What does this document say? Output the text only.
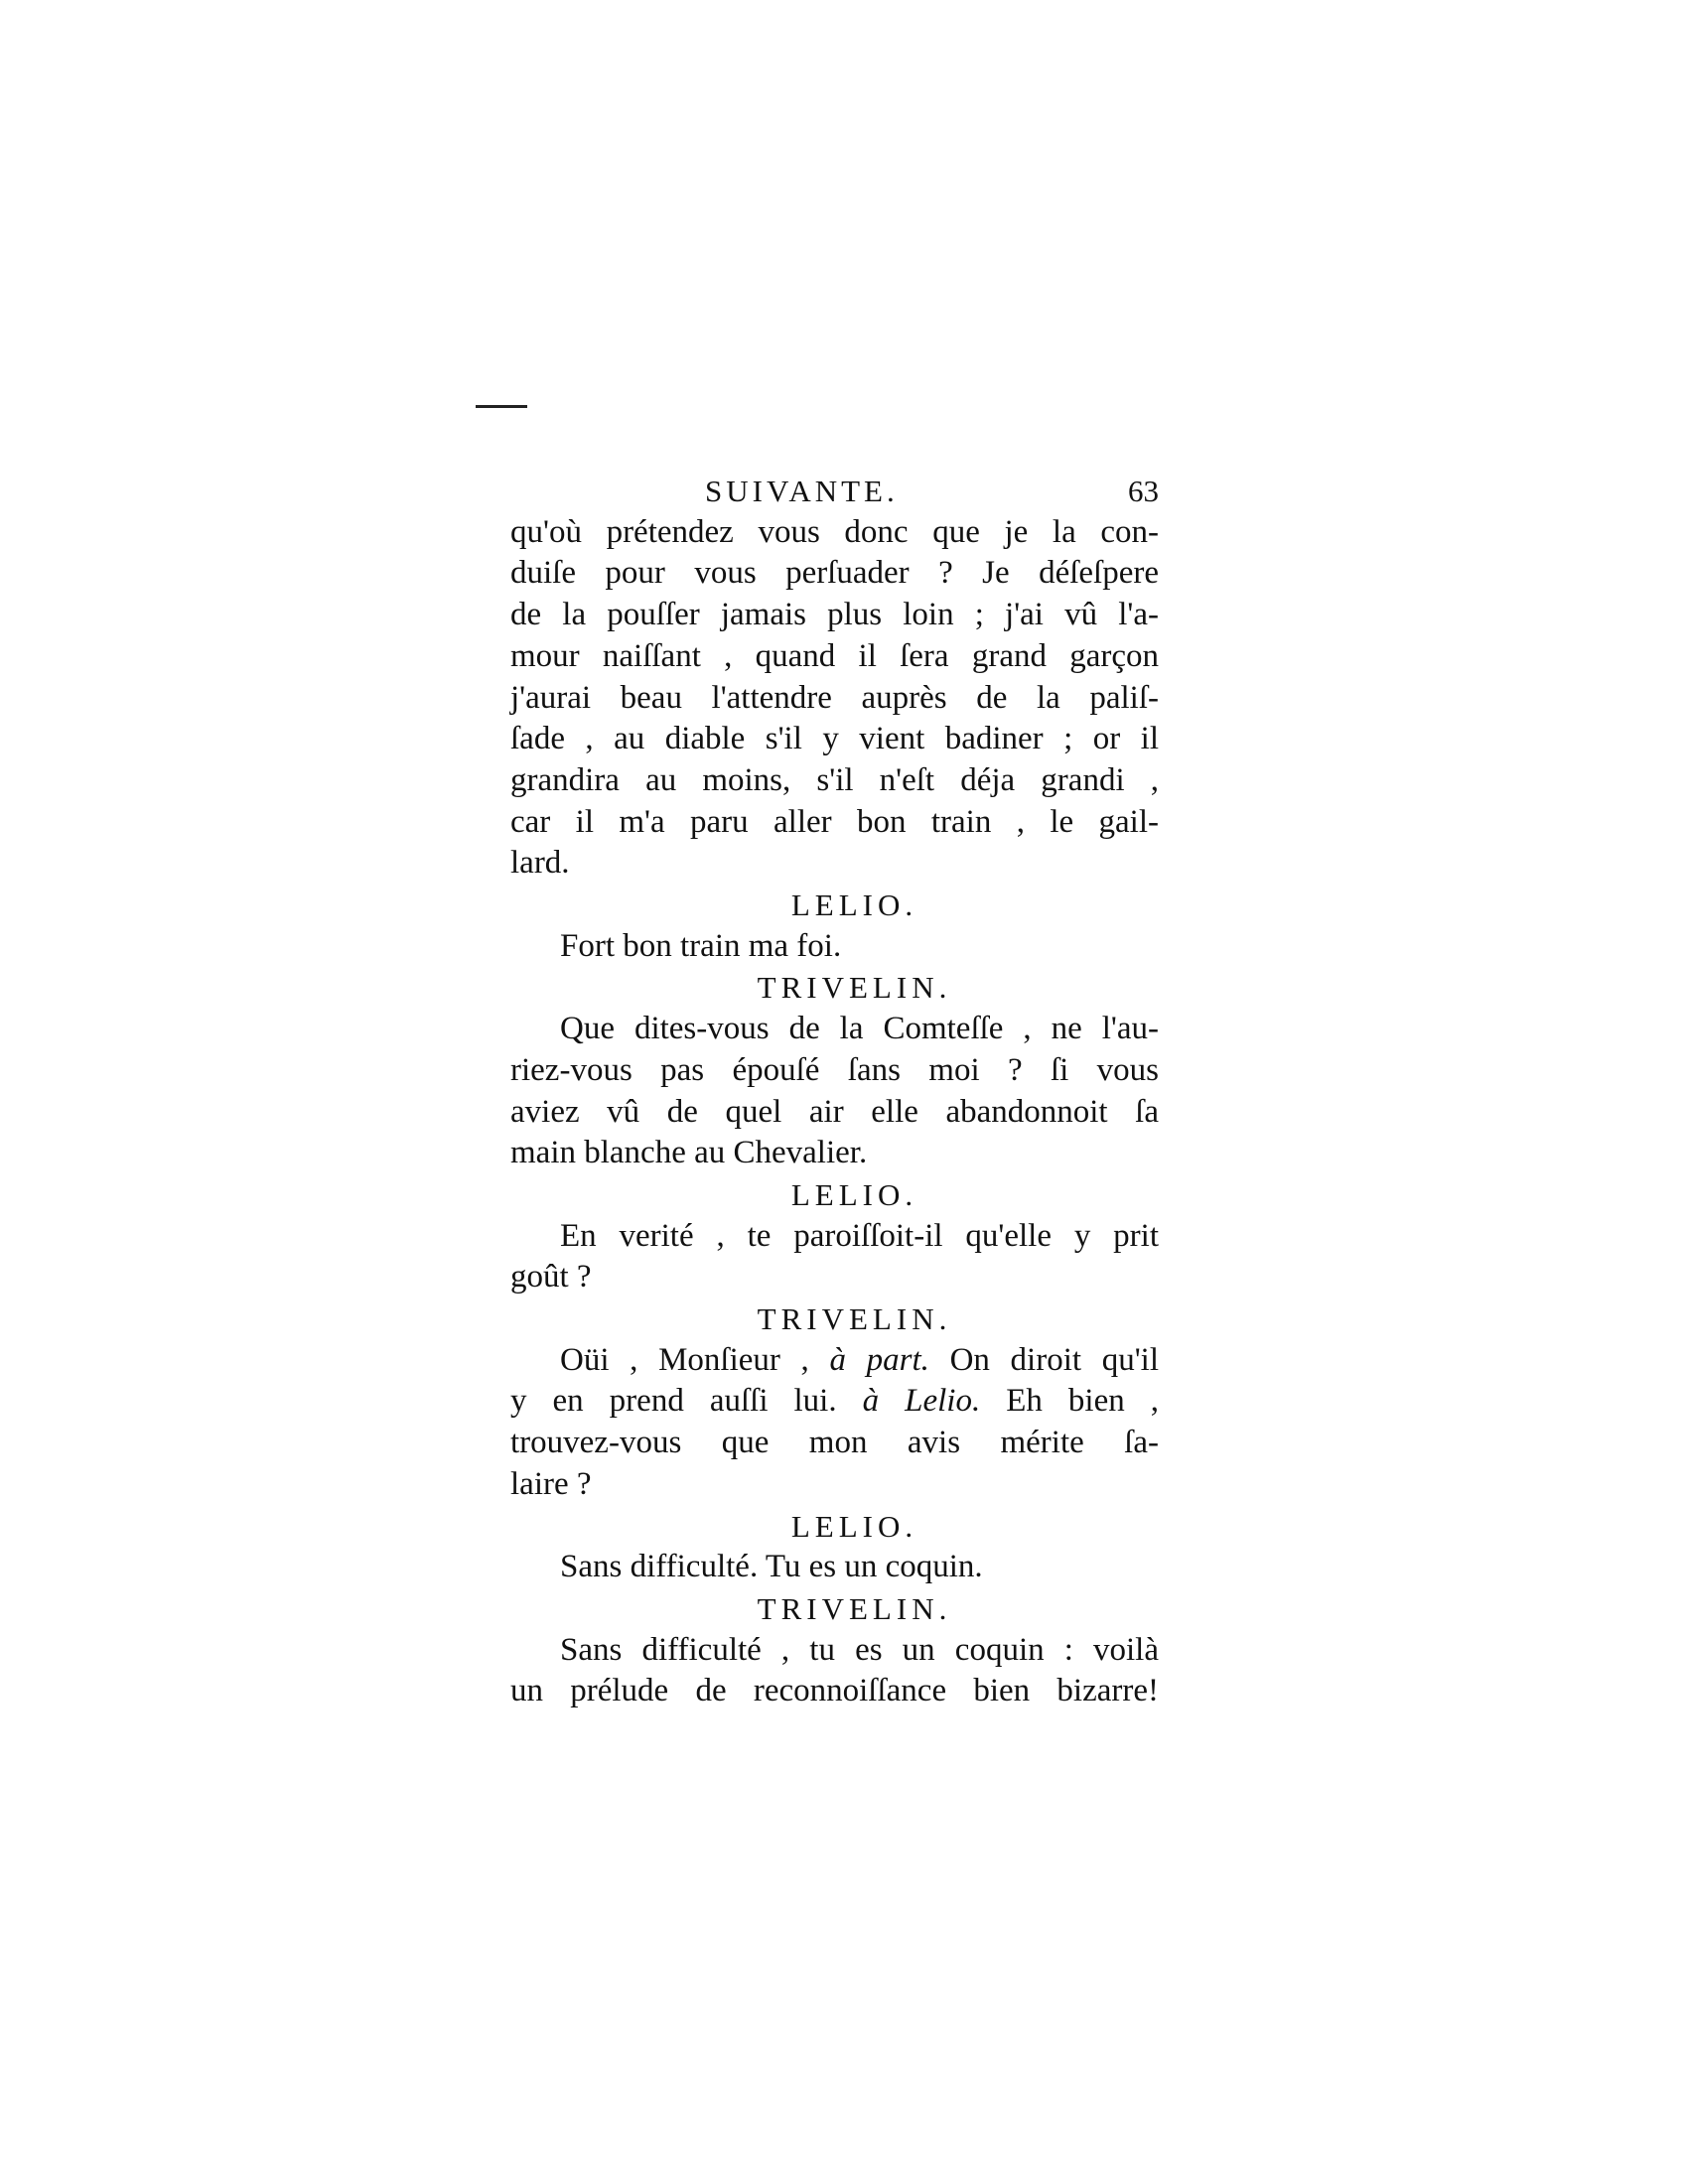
SUIVANTE.	63
qu'où prétendez vous donc que je la con-
duiſe pour vous perſuader ? Je déſeſpere
de la pouſſer jamais plus loin ; j'ai vû l'a-
mour naiſſant , quand il ſera grand garçon
j'aurai beau l'attendre auprès de la paliſ-
ſade , au diable s'il y vient badiner ; or il
grandira au moins, s'il n'eſt déja grandi ,
car il m'a paru aller bon train , le gail-
lard.
LELIO.
Fort bon train ma foi.
TRIVELIN.
Que dites-vous de la Comteſſe , ne l'au-
riez-vous pas épouſé ſans moi ? ſi vous
aviez vû de quel air elle abandonnoit ſa
main blanche au Chevalier.
LELIO.
En verité , te paroiſſoit-il qu'elle y prit
goût ?
TRIVELIN.
Oüi , Monſieur , à part. On diroit qu'il
y en prend auſſi lui. à Lelio. Eh bien ,
trouvez-vous que mon avis mérite ſa-
laire ?
LELIO.
Sans difficulté. Tu es un coquin.
TRIVELIN.
Sans difficulté , tu es un coquin : voilà
un prélude de reconnoiſſance bien bizarre!
